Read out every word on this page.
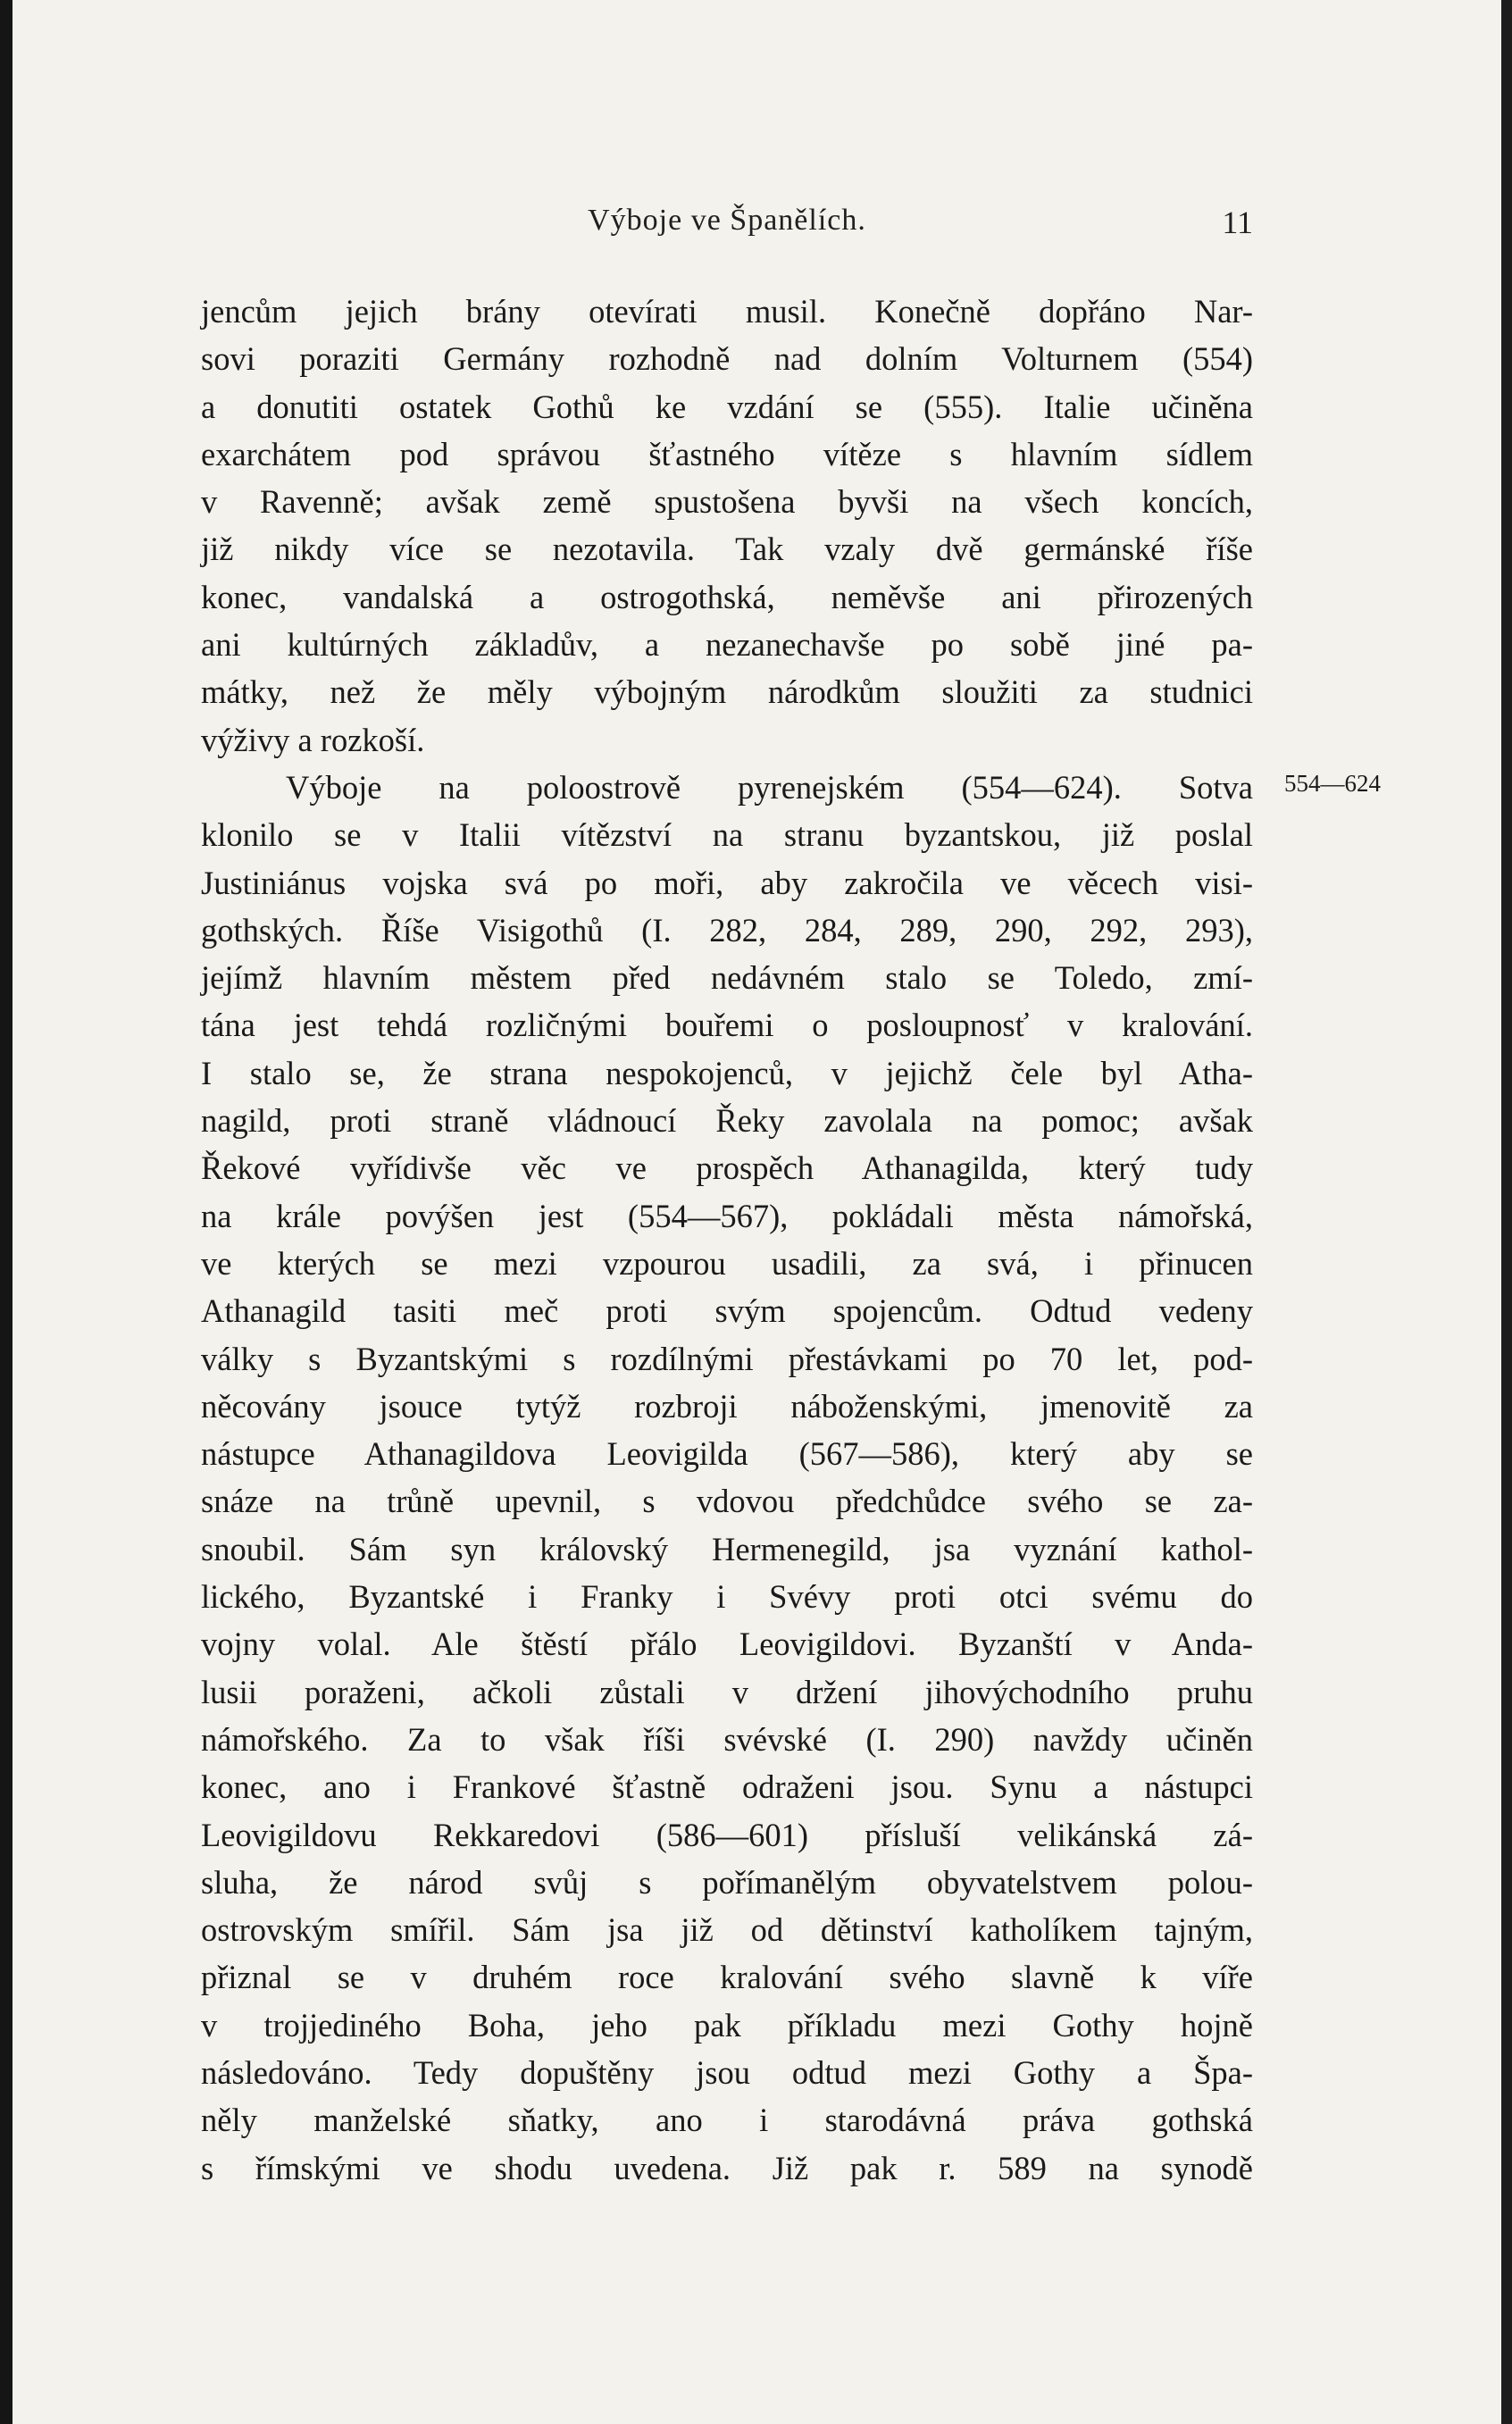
Výboje ve Španělích.	11
jencům jejich brány otevírati musil. Konečně dopřáno Nar-
sovi poraziti Germány rozhodně nad dolním Volturnem (554)
a donutiti ostatek Gothů ke vzdání se (555). Italie učiněna
exarchátem pod správou šťastného vítěze s hlavním sídlem
v Ravenně; avšak země spustošena byvši na všech koncích,
již nikdy více se nezotavila. Tak vzaly dvě germánské říše
konec, vandalská a ostrogothská, neměvše ani přirozených
ani kultúrných základův, a nezanechavše po sobě jiné pa-
mátky, než že měly výbojným národkům sloužiti za studnici
výživy a rozkoší.
Výboje na poloostrově pyrenejském (554—624). Sotva
klonilo se v Italii vítězství na stranu byzantskou, již poslal
Justiniánus vojska svá po moři, aby zakročila ve věcech visi-
gothských. Říše Visigothů (I. 282, 284, 289, 290, 292, 293),
jejímž hlavním městem před nedávném stalo se Toledo, zmí-
tána jest tehdá rozličnými bouřemi o posloupnosť v kralování.
I stalo se, že strana nespokojenců, v jejichž čele byl Atha-
nagild, proti straně vládnoucí Řeky zavolala na pomoc; avšak
Řekové vyřídivše věc ve prospěch Athanagilda, který tudy
na krále povýšen jest (554—567), pokládali města námořská,
ve kterých se mezi vzpourou usadili, za svá, i přinucen
Athanagild tasiti meč proti svým spojencům. Odtud vedeny
války s Byzantskými s rozdílnými přestávkami po 70 let, pod-
něcovány jsouce tytýž rozbroji náboženskými, jmenovitě za
nástupce Athanagildova Leovigilda (567—586), který aby se
snáze na trůně upevnil, s vdovou předchůdce svého se za-
snoubil. Sám syn královský Hermenegild, jsa vyznání kathol-
lického, Byzantské i Franky i Svévy proti otci svému do
vojny volal. Ale štěstí přálo Leovigildovi. Byzanští v Anda-
lusii poraženi, ačkoli zůstali v držení jihovýchodního pruhu
námořského. Za to však říši svévské (I. 290) navždy učiněn
konec, ano i Frankové šťastně odraženi jsou. Synu a nástupci
Leovigildovu Rekkaredovi (586—601) přísluší velikánská zá-
sluha, že národ svůj s pořímanělým obyvatelstvem polou-
ostrovským smířil. Sám jsa již od dětinství katholíkem tajným,
přiznal se v druhém roce kralování svého slavně k víře
v trojjediného Boha, jeho pak příkladu mezi Gothy hojně
následováno. Tedy dopuštěny jsou odtud mezi Gothy a Špa-
něly manželské sňatky, ano i starodávná práva gothská
s římskými ve shodu uvedena. Již pak r. 589 na synodě
554—624
